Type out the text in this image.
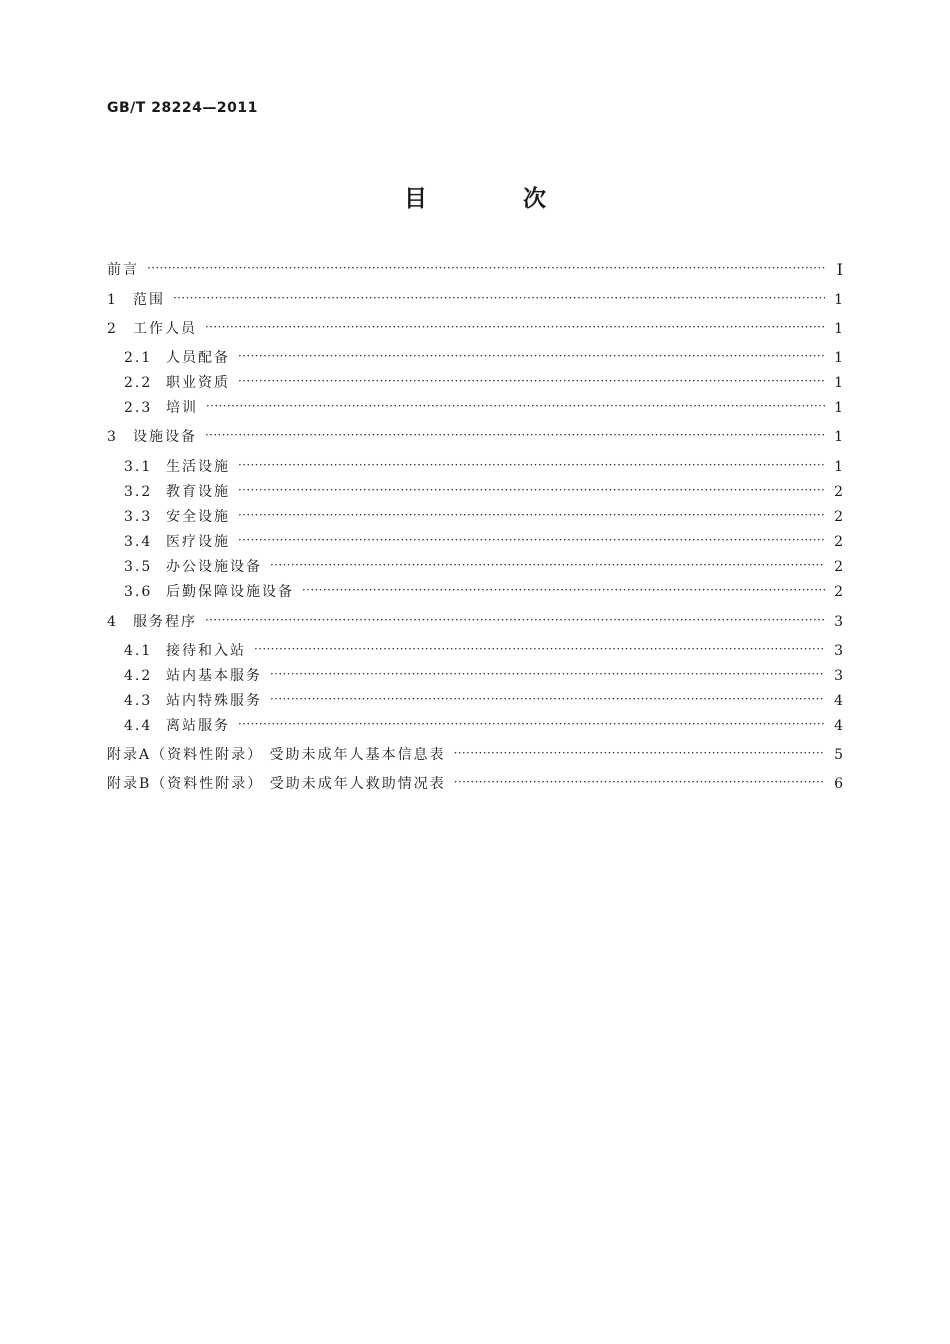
GB/T 28224—2011
目 次
前言 ·····	Ⅰ
1	范围 ·····	1
2	工作人员 ·····	1
2.1 人员配备 ·····	1
2.2 职业资质 ·····	1
2.3 培训 ·····	1
3	设施设备 ·····	1
3.1 生活设施 ·····	1
3.2 教育设施 ·····	2
3.3 安全设施 ·····	2
3.4 医疗设施 ·····	2
3.5 办公设施设备 ·····	2
3.6 后勤保障设施设备 ·····	2
4	服务程序 ·····	3
4.1 接待和入站 ·····	3
4.2 站内基本服务 ·····	3
4.3 站内特殊服务 ·····	4
4.4 离站服务 ·····	4
附录A（资料性附录） 受助未成年人基本信息表 ·····	5
附录B（资料性附录） 受助未成年人救助情况表 ·····	6
